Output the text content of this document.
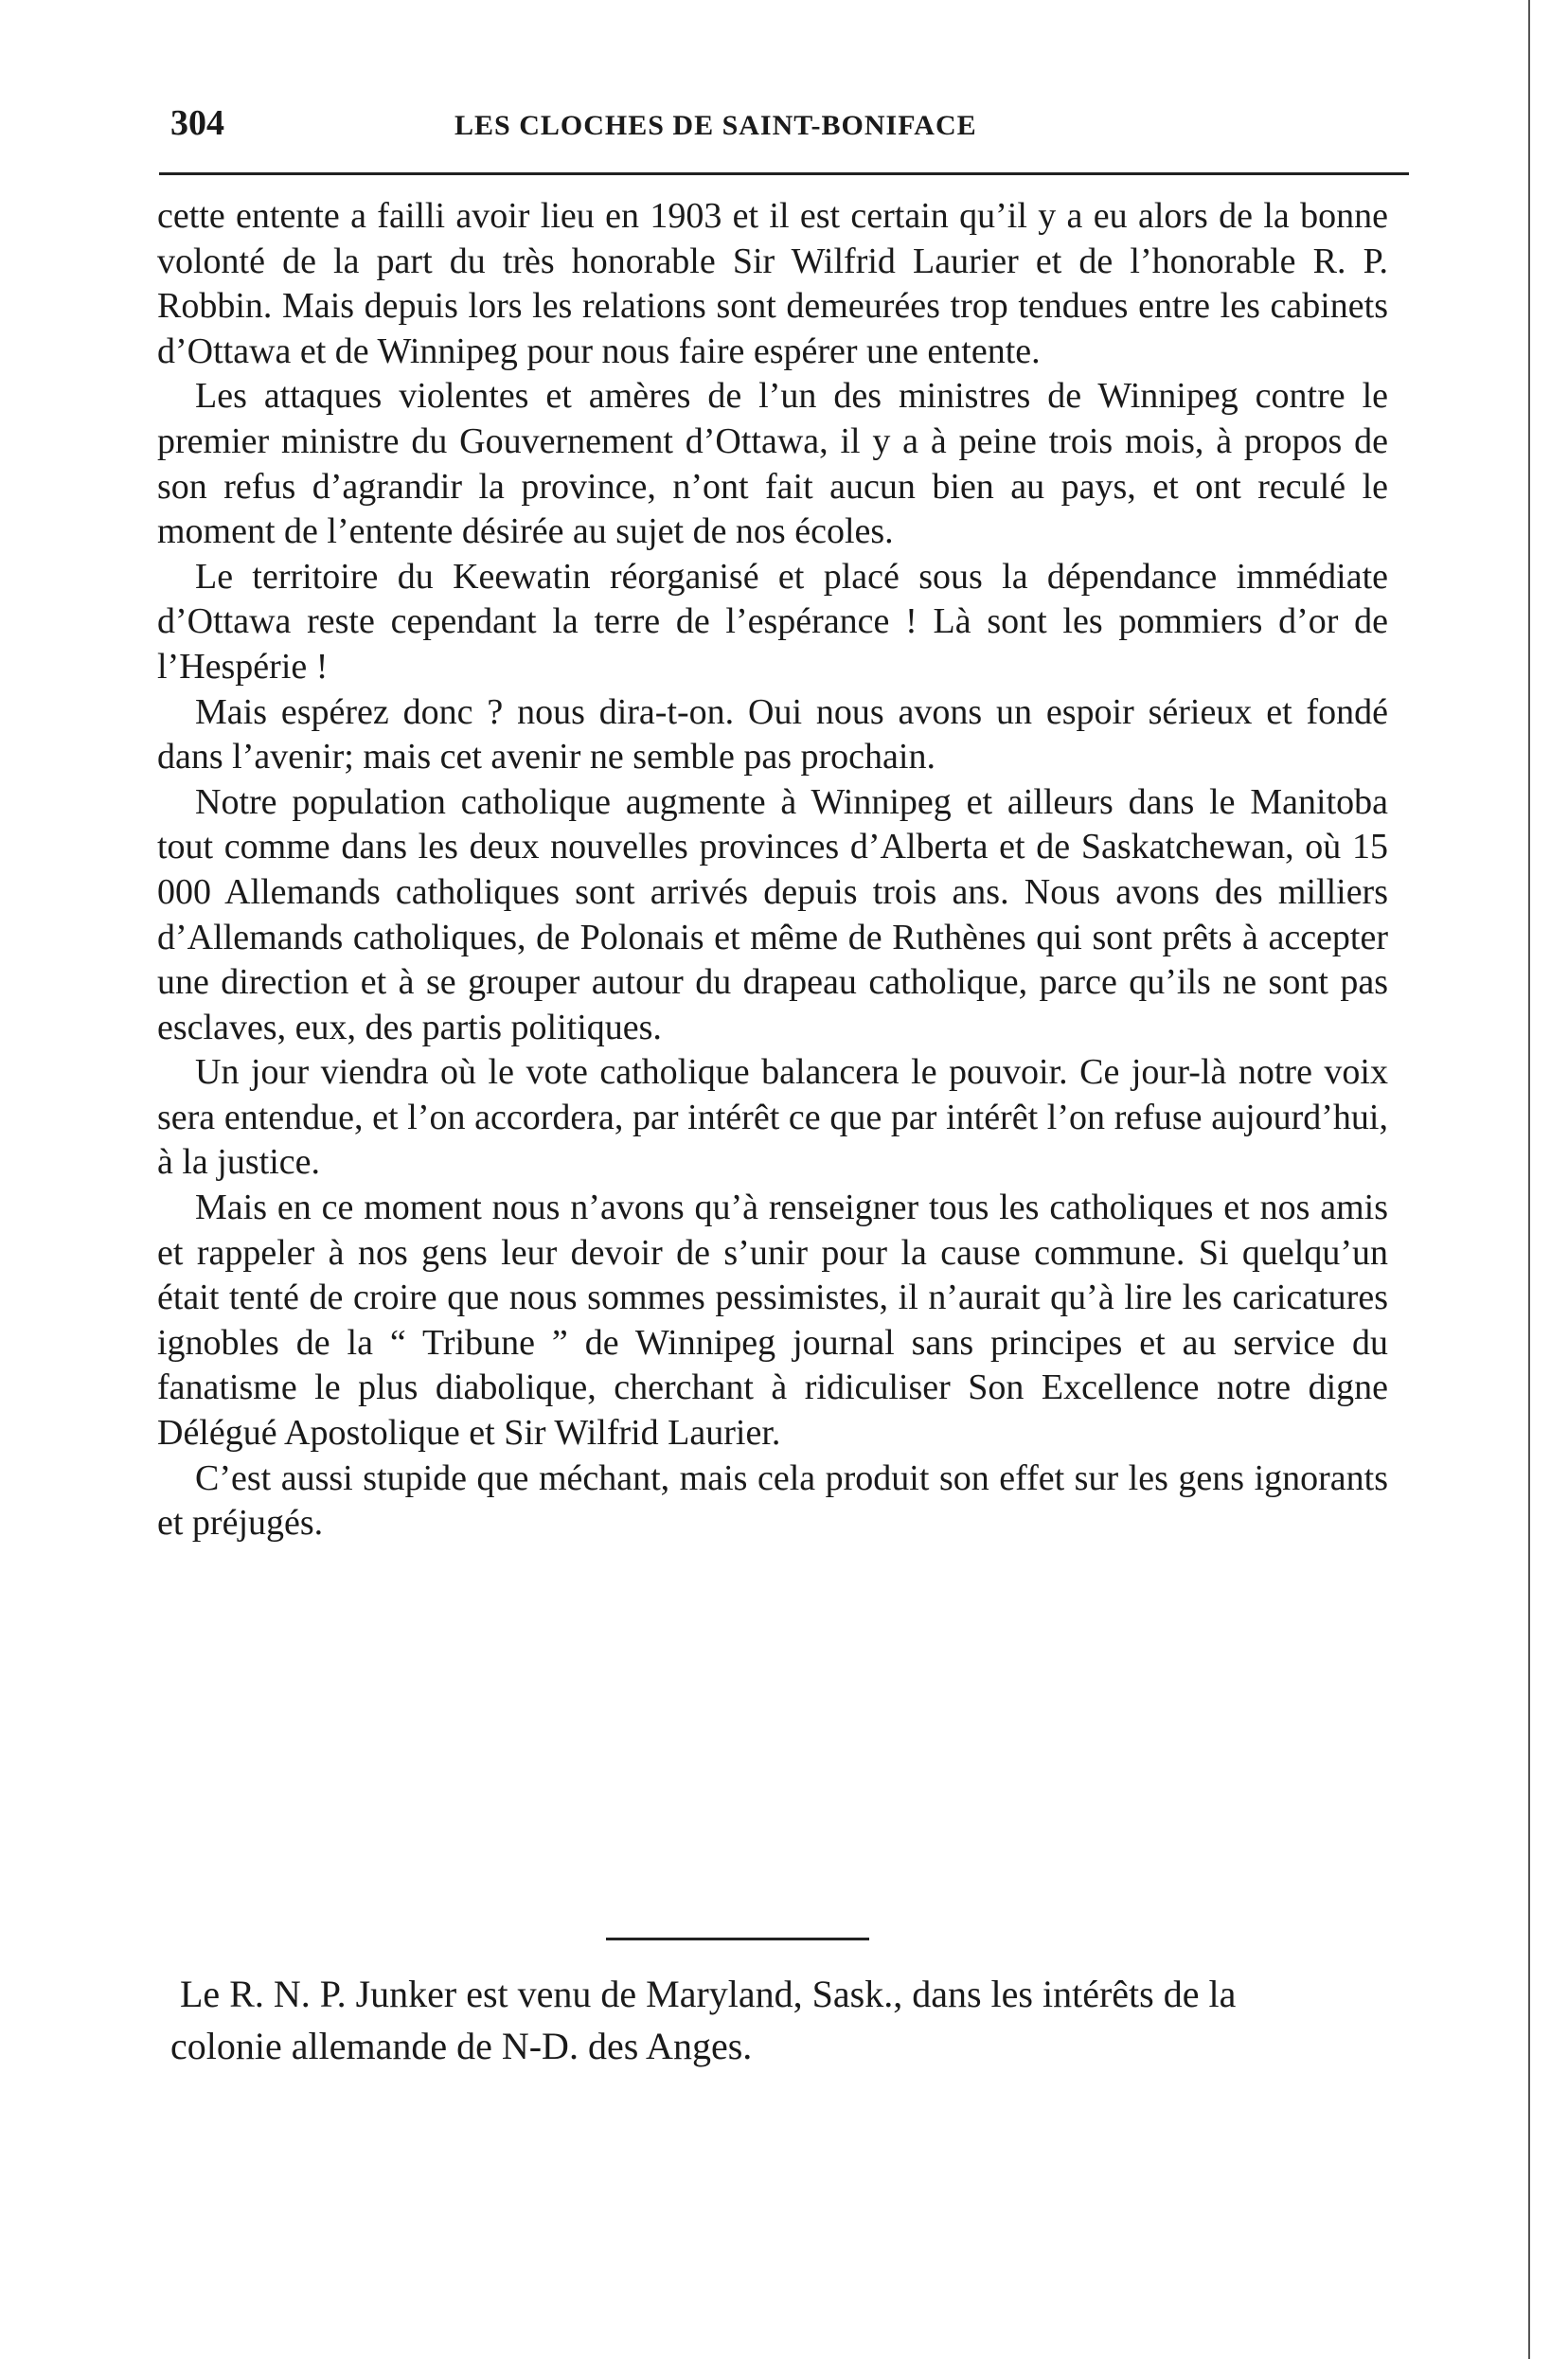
304	LES CLOCHES DE SAINT-BONIFACE

cette entente a failli avoir lieu en 1903 et il est certain qu’il y a eu alors de la bonne volonté de la part du très honorable Sir Wilfrid Laurier et de l’honorable R. P. Robbin. Mais depuis lors les relations sont demeurées trop tendues entre les cabinets d’Ottawa et de Winnipeg pour nous faire espérer une entente.

Les attaques violentes et amères de l’un des ministres de Winnipeg contre le premier ministre du Gouvernement d’Ottawa, il y a à peine trois mois, à propos de son refus d’agrandir la province, n’ont fait aucun bien au pays, et ont reculé le moment de l’entente désirée au sujet de nos écoles.

Le territoire du Keewatin réorganisé et placé sous la dépendance immédiate d’Ottawa reste cependant la terre de l’espérance ! Là sont les pommiers d’or de l’Hespérie !

Mais espérez donc ? nous dira-t-on. Oui nous avons un espoir sérieux et fondé dans l’avenir; mais cet avenir ne semble pas prochain.

Notre population catholique augmente à Winnipeg et ailleurs dans le Manitoba tout comme dans les deux nouvelles provinces d’Alberta et de Saskatchewan, où 15 000 Allemands catholiques sont arrivés depuis trois ans. Nous avons des milliers d’Allemands catholiques, de Polonais et même de Ruthènes qui sont prêts à accepter une direction et à se grouper autour du drapeau catholique, parce qu’ils ne sont pas esclaves, eux, des partis politiques.

Un jour viendra où le vote catholique balancera le pouvoir. Ce jour-là notre voix sera entendue, et l’on accordera, par intérêt ce que par intérêt l’on refuse aujourd’hui, à la justice.

Mais en ce moment nous n’avons qu’à renseigner tous les catholiques et nos amis et rappeler à nos gens leur devoir de s’unir pour la cause commune. Si quelqu’un était tenté de croire que nous sommes pessimistes, il n’aurait qu’à lire les caricatures ignobles de la “ Tribune ” de Winnipeg journal sans principes et au service du fanatisme le plus diabolique, cherchant à ridiculiser Son Excellence notre digne Délégué Apostolique et Sir Wilfrid Laurier.

C’est aussi stupide que méchant, mais cela produit son effet sur les gens ignorants et préjugés.

Le R. N. P. Junker est venu de Maryland, Sask., dans les intérêts de la colonie allemande de N-D. des Anges.
